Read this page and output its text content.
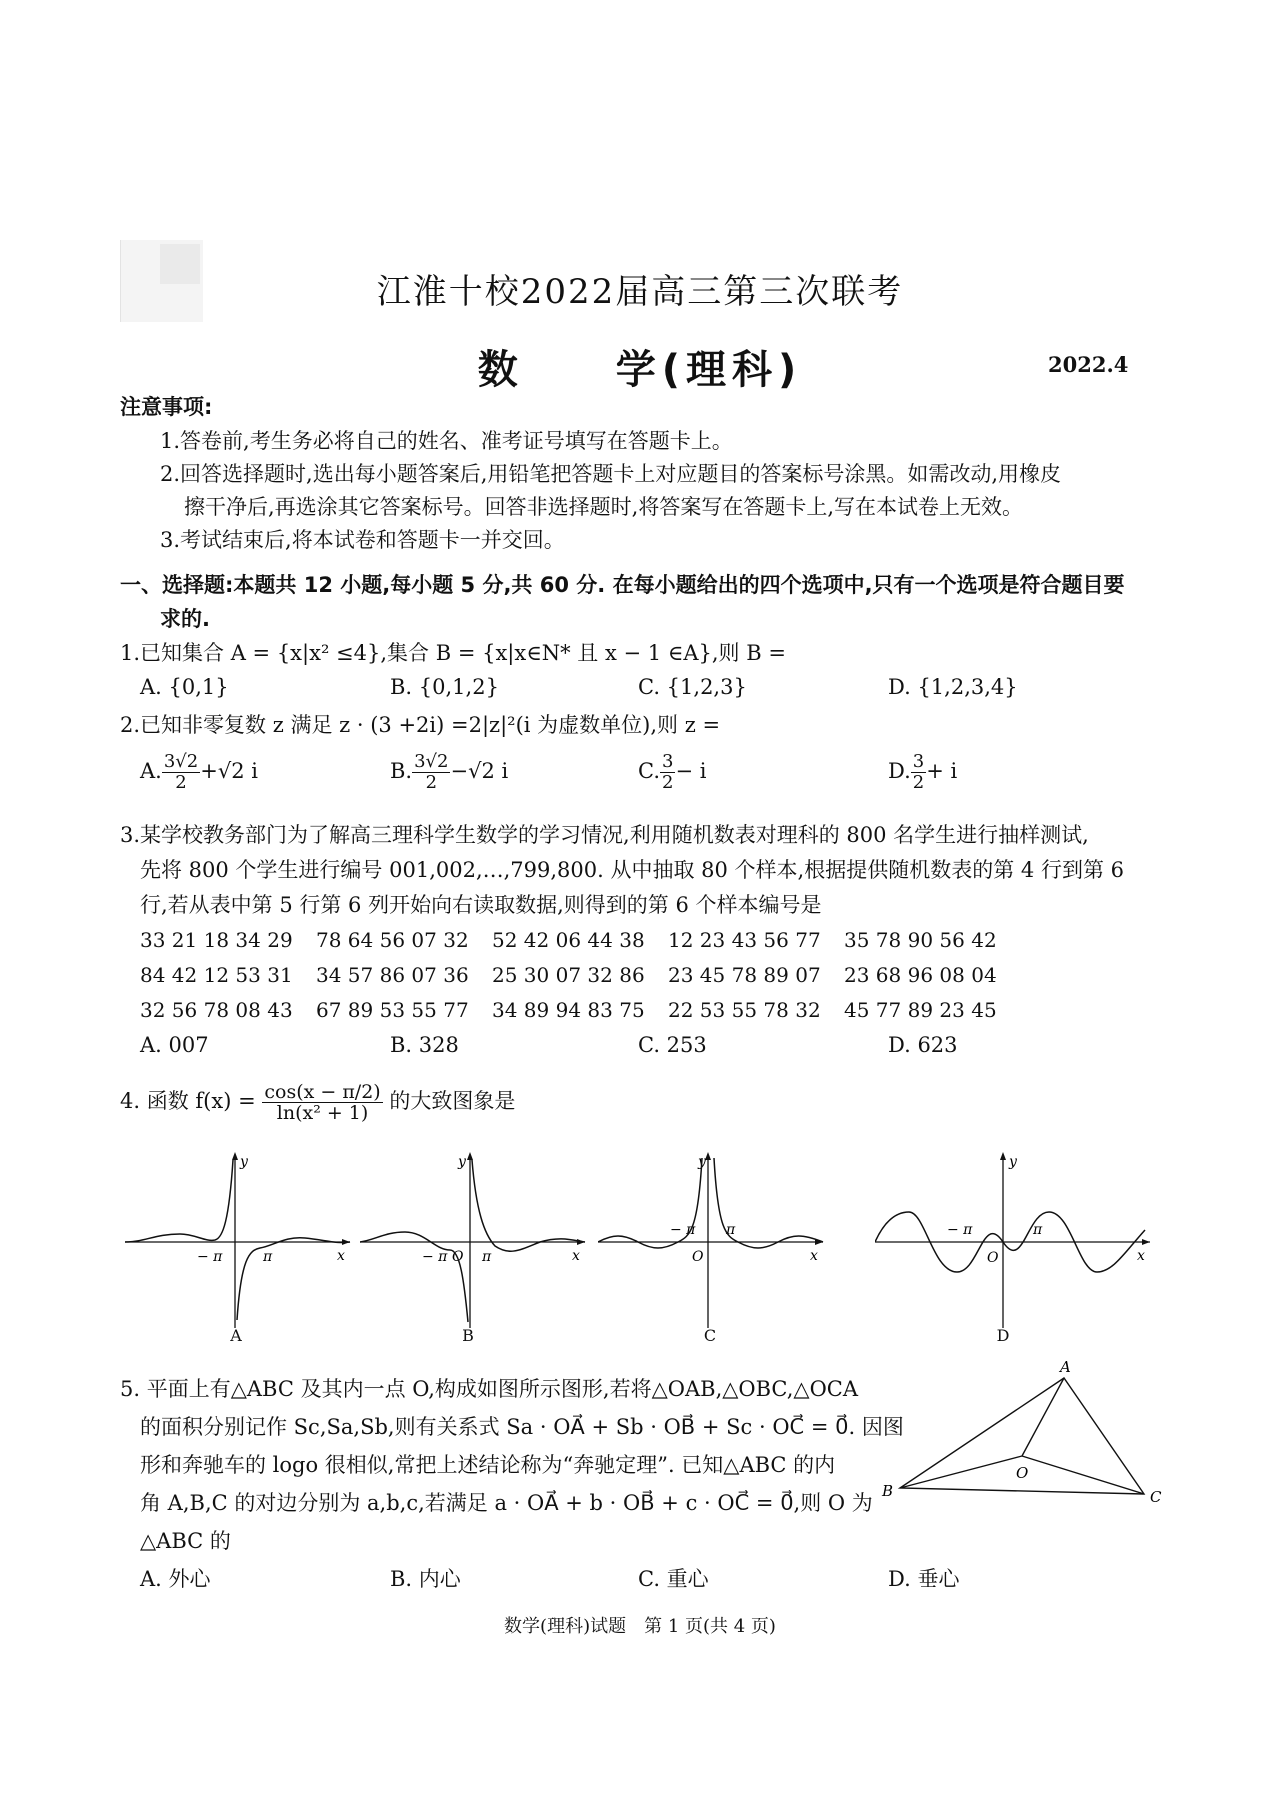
江淮十校2022届高三第三次联考
数　　学(理科)	2022.4
注意事项:
1.答卷前,考生务必将自己的姓名、准考证号填写在答题卡上。
2.回答选择题时,选出每小题答案后,用铅笔把答题卡上对应题目的答案标号涂黑。如需改动,用橡皮
擦干净后,再选涂其它答案标号。回答非选择题时,将答案写在答题卡上,写在本试卷上无效。
3.考试结束后,将本试卷和答题卡一并交回。
一、选择题:本题共 12 小题,每小题 5 分,共 60 分. 在每小题给出的四个选项中,只有一个选项是符合题目要
求的.
1.已知集合 A = {x|x² ≤4},集合 B = {x|x∈N* 且 x − 1 ∈A},则 B =
A. {0,1}	B. {0,1,2}	C. {1,2,3}	D. {1,2,3,4}
2.已知非零复数 z 满足 z · (3 +2i) =2|z|²(i 为虚数单位),则 z =
A. $\frac{3√2}{2} +√2$ i	B. $\frac{3√2}{2} -√2$ i	C. $\frac{3}{2} - i$	D. $\frac{3}{2} + i$
3.某学校教务部门为了解高三理科学生数学的学习情况,利用随机数表对理科的 800 名学生进行抽样测试,
先将 800 个学生进行编号 001,002,…,799,800. 从中抽取 80 个样本,根据提供随机数表的第 4 行到第 6
行,若从表中第 5 行第 6 列开始向右读取数据,则得到的第 6 个样本编号是
33 21 18 34 29 78 64 56 07 32 52 42 06 44 38 12 23 43 56 77 35 78 90 56 42
84 42 12 53 31 34 57 86 07 36 25 30 07 32 86 23 45 78 89 07 23 68 96 08 04
32 56 78 08 43 67 89 53 55 77 34 89 94 83 75 22 53 55 78 32 45 77 89 23 45
A. 007	B. 328	C. 253	D. 623
4. 函数 $f(x) = \frac{\cos(x - \pi/2)}{\text{ln(x² + 1)}}$ 的大致图象是
y
x
− π	π
A
y
x
O
− π π
B
y
x
O
− π π
C
y
x
O
− π	π
D
5. 平面上有△ABC 及其内一点 O,构成如图所示图形,若将△OAB,△OBC,△OCA
的面积分别记作 Sc,Sa,Sb,则有关系式 Sa · OA⃗ + Sb · OB⃗ + Sc · OC⃗ = 0⃗. 因图
形和奔驰车的 logo 很相似,常把上述结论称为“奔驰定理”. 已知△ABC 的内
角 A,B,C 的对边分别为 a,b,c,若满足 a · OA⃗ + b · OB⃗ + c · OC⃗ = 0⃗,则 O 为
△ABC 的
A. 外心	B. 内心	C. 重心	D. 垂心
A
B	C
O
数学(理科)试题　第 1 页(共 4 页)
